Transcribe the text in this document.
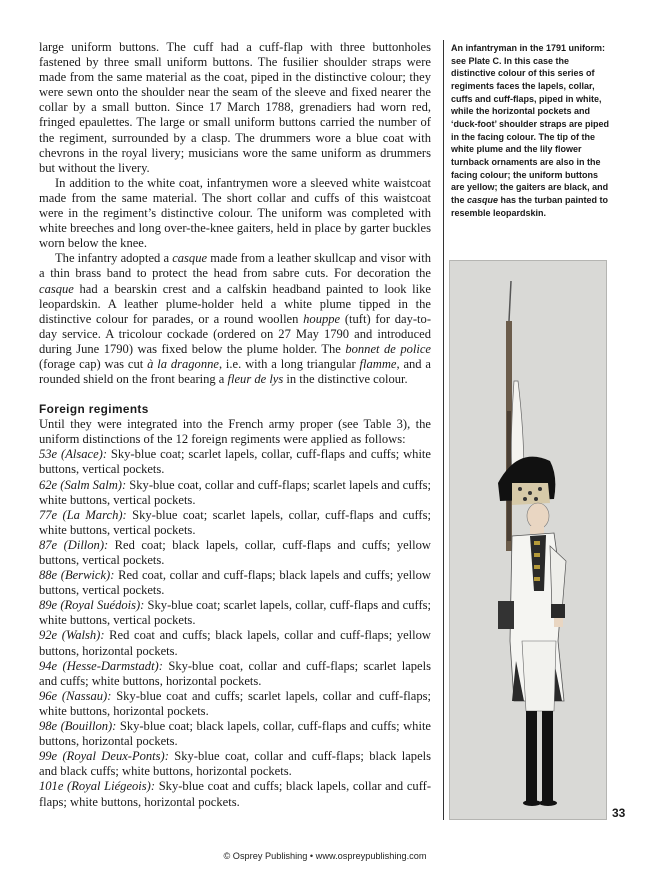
large uniform buttons. The cuff had a cuff-flap with three buttonholes fastened by three small uniform buttons. The fusilier shoulder straps were made from the same material as the coat, piped in the distinctive colour; they were sewn onto the shoulder near the seam of the sleeve and fixed nearer the collar by a small button. Since 17 March 1788, grenadiers had worn red, fringed epaulettes. The large or small uniform buttons carried the number of the regiment, surrounded by a clasp. The drummers wore a blue coat with chevrons in the royal livery; musicians wore the same uniform as drummers but without the livery.

In addition to the white coat, infantrymen wore a sleeved white waistcoat made from the same material. The short collar and cuffs of this waistcoat were in the regiment’s distinctive colour. The uniform was completed with white breeches and long over-the-knee gaiters, held in place by garter buckles worn below the knee.

The infantry adopted a casque made from a leather skullcap and visor with a thin brass band to protect the head from sabre cuts. For decoration the casque had a bearskin crest and a calfskin headband painted to look like leopardskin. A leather plume-holder held a white plume tipped in the distinctive colour for parades, or a round woollen houppe (tuft) for day-to-day service. A tricolour cockade (ordered on 27 May 1790 and introduced during June 1790) was fixed below the plume holder. The bonnet de police (forage cap) was cut à la dragonne, i.e. with a long triangular flamme, and a rounded shield on the front bearing a fleur de lys in the distinctive colour.

Foreign regiments

Until they were integrated into the French army proper (see Table 3), the uniform distinctions of the 12 foreign regiments were applied as follows:

53e (Alsace): Sky-blue coat; scarlet lapels, collar, cuff-flaps and cuffs; white buttons, vertical pockets.

62e (Salm Salm): Sky-blue coat, collar and cuff-flaps; scarlet lapels and cuffs; white buttons, vertical pockets.

77e (La March): Sky-blue coat; scarlet lapels, collar, cuff-flaps and cuffs; white buttons, vertical pockets.

87e (Dillon): Red coat; black lapels, collar, cuff-flaps and cuffs; yellow buttons, vertical pockets.

88e (Berwick): Red coat, collar and cuff-flaps; black lapels and cuffs; yellow buttons, vertical pockets.

89e (Royal Suédois): Sky-blue coat; scarlet lapels, collar, cuff-flaps and cuffs; white buttons, vertical pockets.

92e (Walsh): Red coat and cuffs; black lapels, collar and cuff-flaps; yellow buttons, horizontal pockets.

94e (Hesse-Darmstadt): Sky-blue coat, collar and cuff-flaps; scarlet lapels and cuffs; white buttons, horizontal pockets.

96e (Nassau): Sky-blue coat and cuffs; scarlet lapels, collar and cuff-flaps; white buttons, horizontal pockets.

98e (Bouillon): Sky-blue coat; black lapels, collar, cuff-flaps and cuffs; white buttons, horizontal pockets.

99e (Royal Deux-Ponts): Sky-blue coat, collar and cuff-flaps; black lapels and black cuffs; white buttons, horizontal pockets.

101e (Royal Liégeois): Sky-blue coat and cuffs; black lapels, collar and cuff-flaps; white buttons, horizontal pockets.

An infantryman in the 1791 uniform: see Plate C. In this case the distinctive colour of this series of regiments faces the lapels, collar, cuffs and cuff-flaps, piped in white, while the horizontal pockets and ‘duck-foot’ shoulder straps are piped in the facing colour. The tip of the white plume and the lily flower turnback ornaments are also in the facing colour; the uniform buttons are yellow; the gaiters are black, and the casque has the turban painted to resemble leopardskin.
33
© Osprey Publishing • www.ospreypublishing.com
